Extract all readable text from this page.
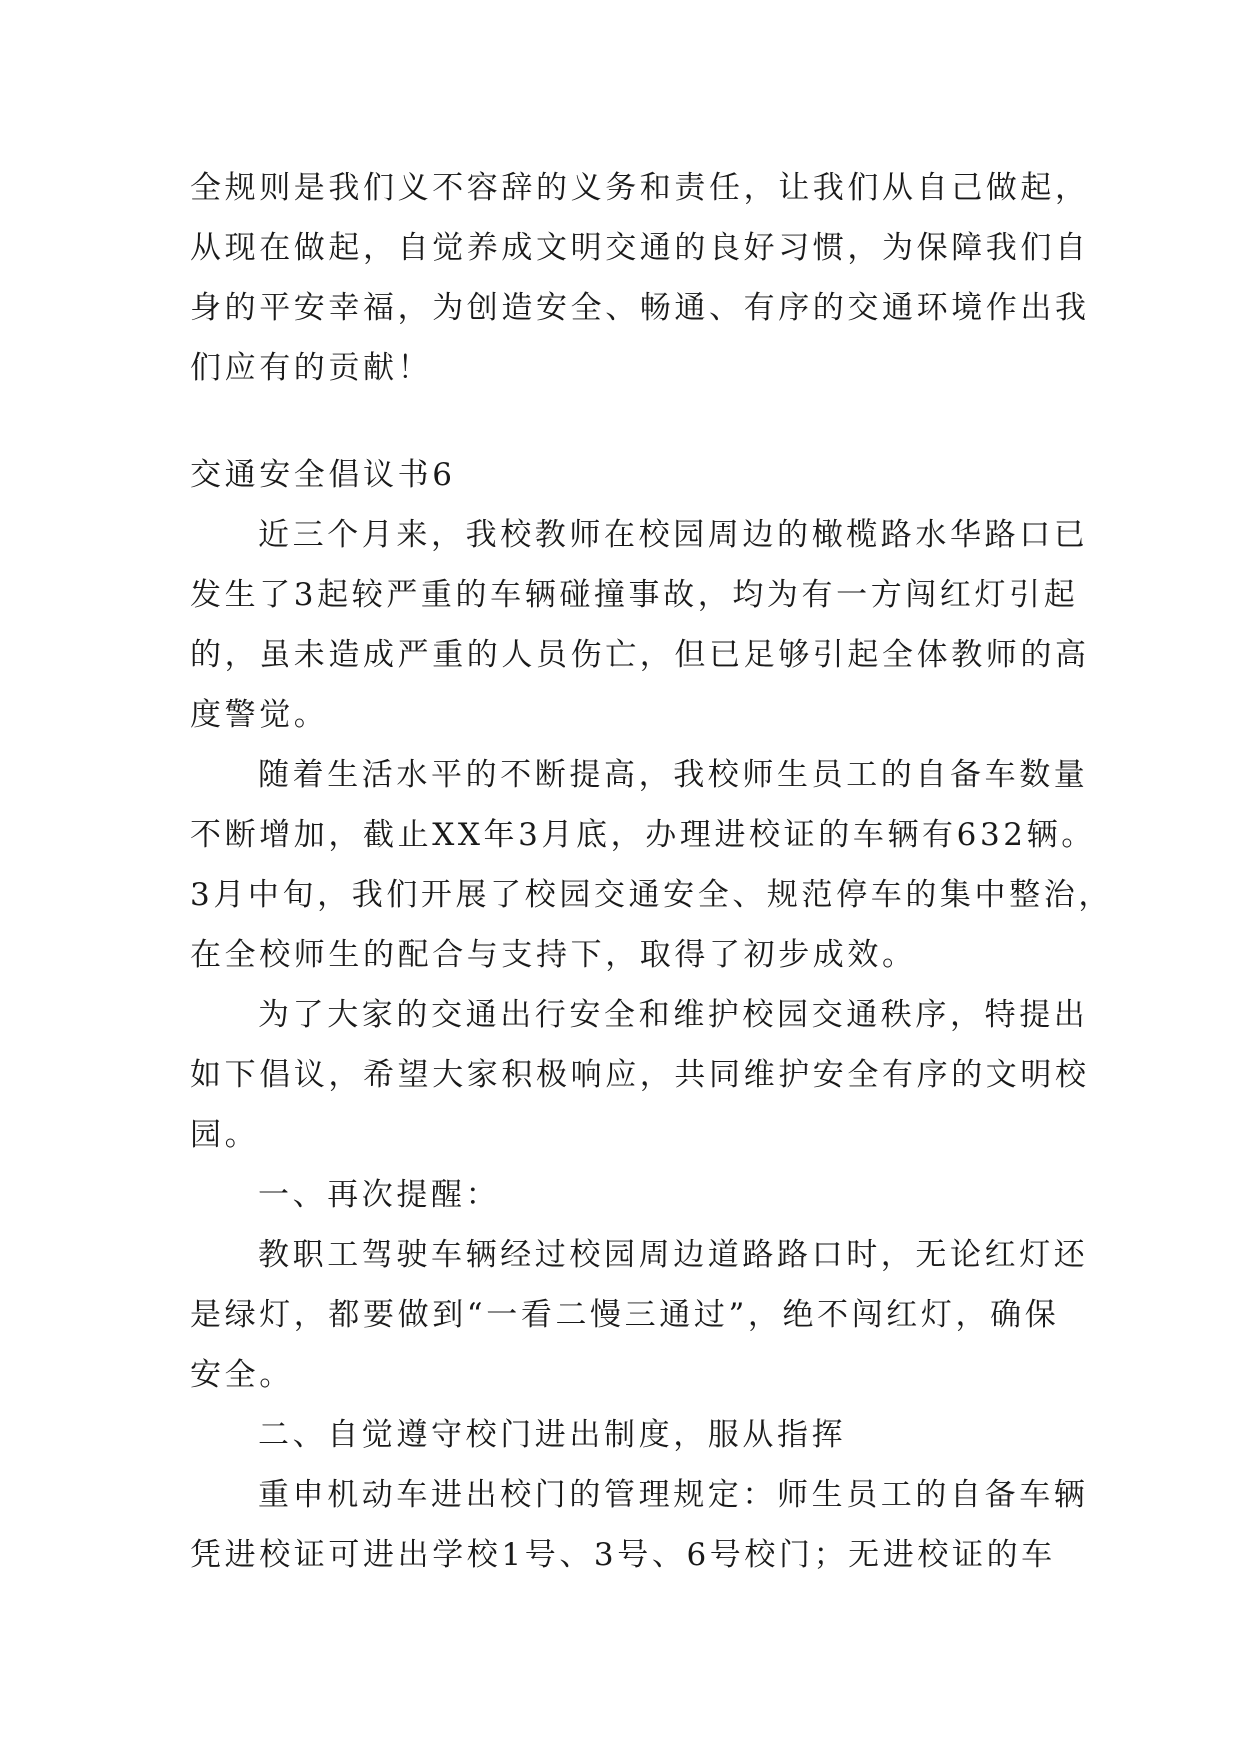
全规则是我们义不容辞的义务和责任，让我们从自己做起，
从现在做起，自觉养成文明交通的良好习惯，为保障我们自
身的平安幸福，为创造安全、畅通、有序的交通环境作出我
们应有的贡献！
交通安全倡议书6
近三个月来，我校教师在校园周边的橄榄路水华路口已
发生了3起较严重的车辆碰撞事故，均为有一方闯红灯引起
的，虽未造成严重的人员伤亡，但已足够引起全体教师的高
度警觉。
随着生活水平的不断提高，我校师生员工的自备车数量
不断增加，截止XX年3月底，办理进校证的车辆有632辆。
3月中旬，我们开展了校园交通安全、规范停车的集中整治，
在全校师生的配合与支持下，取得了初步成效。
为了大家的交通出行安全和维护校园交通秩序，特提出
如下倡议，希望大家积极响应，共同维护安全有序的文明校
园。
一、再次提醒：
教职工驾驶车辆经过校园周边道路路口时，无论红灯还
是绿灯，都要做到“一看二慢三通过”，绝不闯红灯，确保
安全。
二、自觉遵守校门进出制度，服从指挥
重申机动车进出校门的管理规定：师生员工的自备车辆
凭进校证可进出学校1号、3号、6号校门；无进校证的车
